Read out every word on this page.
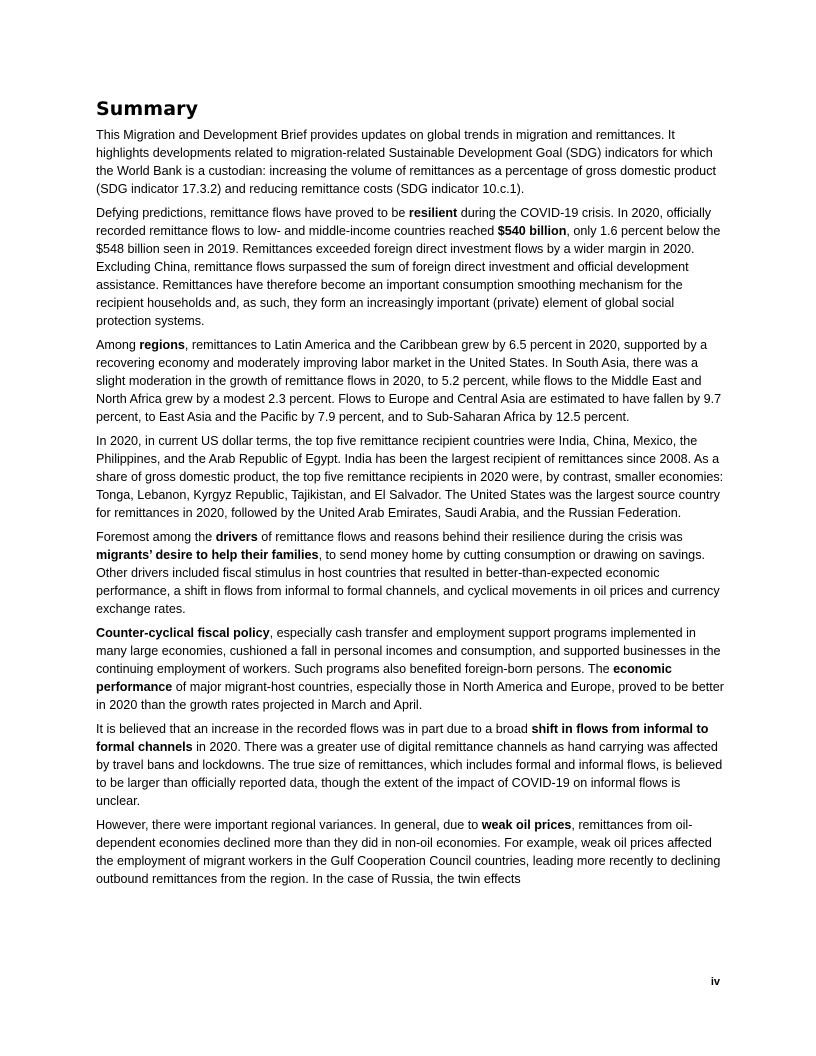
Summary

This Migration and Development Brief provides updates on global trends in migration and remittances. It highlights developments related to migration-related Sustainable Development Goal (SDG) indicators for which the World Bank is a custodian: increasing the volume of remittances as a percentage of gross domestic product (SDG indicator 17.3.2) and reducing remittance costs (SDG indicator 10.c.1).

Defying predictions, remittance flows have proved to be resilient during the COVID-19 crisis. In 2020, officially recorded remittance flows to low- and middle-income countries reached $540 billion, only 1.6 percent below the $548 billion seen in 2019. Remittances exceeded foreign direct investment flows by a wider margin in 2020. Excluding China, remittance flows surpassed the sum of foreign direct investment and official development assistance. Remittances have therefore become an important consumption smoothing mechanism for the recipient households and, as such, they form an increasingly important (private) element of global social protection systems.

Among regions, remittances to Latin America and the Caribbean grew by 6.5 percent in 2020, supported by a recovering economy and moderately improving labor market in the United States. In South Asia, there was a slight moderation in the growth of remittance flows in 2020, to 5.2 percent, while flows to the Middle East and North Africa grew by a modest 2.3 percent. Flows to Europe and Central Asia are estimated to have fallen by 9.7 percent, to East Asia and the Pacific by 7.9 percent, and to Sub-Saharan Africa by 12.5 percent.

In 2020, in current US dollar terms, the top five remittance recipient countries were India, China, Mexico, the Philippines, and the Arab Republic of Egypt. India has been the largest recipient of remittances since 2008. As a share of gross domestic product, the top five remittance recipients in 2020 were, by contrast, smaller economies: Tonga, Lebanon, Kyrgyz Republic, Tajikistan, and El Salvador. The United States was the largest source country for remittances in 2020, followed by the United Arab Emirates, Saudi Arabia, and the Russian Federation.

Foremost among the drivers of remittance flows and reasons behind their resilience during the crisis was migrants’ desire to help their families, to send money home by cutting consumption or drawing on savings. Other drivers included fiscal stimulus in host countries that resulted in better-than-expected economic performance, a shift in flows from informal to formal channels, and cyclical movements in oil prices and currency exchange rates.

Counter-cyclical fiscal policy, especially cash transfer and employment support programs implemented in many large economies, cushioned a fall in personal incomes and consumption, and supported businesses in the continuing employment of workers. Such programs also benefited foreign-born persons. The economic performance of major migrant-host countries, especially those in North America and Europe, proved to be better in 2020 than the growth rates projected in March and April.

It is believed that an increase in the recorded flows was in part due to a broad shift in flows from informal to formal channels in 2020. There was a greater use of digital remittance channels as hand carrying was affected by travel bans and lockdowns. The true size of remittances, which includes formal and informal flows, is believed to be larger than officially reported data, though the extent of the impact of COVID-19 on informal flows is unclear.

However, there were important regional variances. In general, due to weak oil prices, remittances from oil-dependent economies declined more than they did in non-oil economies. For example, weak oil prices affected the employment of migrant workers in the Gulf Cooperation Council countries, leading more recently to declining outbound remittances from the region. In the case of Russia, the twin effects

iv
